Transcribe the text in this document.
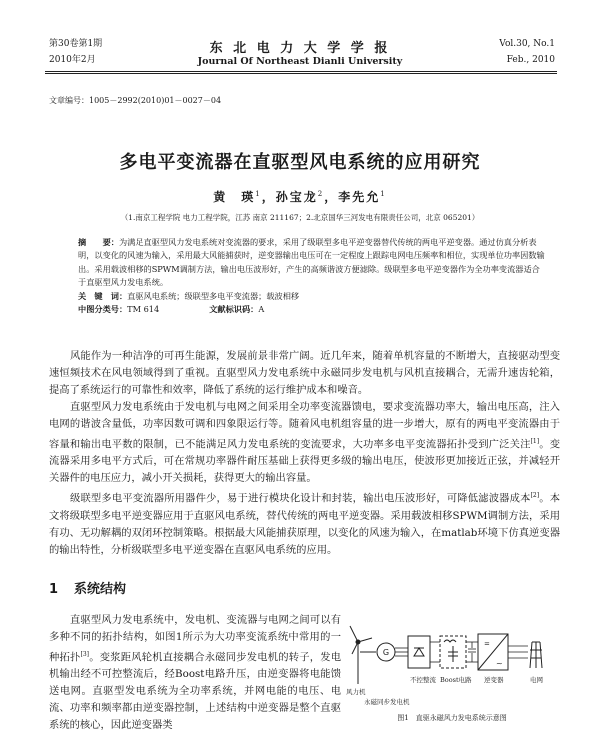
第30卷第1期
2010年2月
东 北 电 力 大 学 学 报
Journal Of Northeast Dianli University
Vol.30, No.1
Feb., 2010
文章编号：1005－2992(2010)01－0027－04
多电平变流器在直驱型风电系统的应用研究
黄　瑛$^1$，孙宝龙$^2$，李先允$^1$
（1.南京工程学院 电力工程学院，江苏 南京 211167；2.北京国华三河发电有限责任公司，北京 065201）

摘　　要：为满足直驱型风力发电系统对变流器的要求，采用了级联型多电平逆变器替代传统的两电平逆变器。通过仿真分析表明，以变化的风速为输入，采用最大风能捕获时，逆变器输出电压可在一定程度上跟踪电网电压频率和相位，实现单位功率因数输出。采用载波相移的SPWM调制方法，输出电压波形好，产生的高频谐波方便滤除。级联型多电平逆变器作为全功率变流器适合于直驱型风力发电系统。

关　键　词：直驱风电系统；级联型多电平变流器；载波相移

中图分类号：TM 614	文献标识码：A

风能作为一种洁净的可再生能源，发展前景非常广阔。近几年来，随着单机容量的不断增大，直接驱动型变速恒频技术在风电领域得到了重视。直驱型风力发电系统中永磁同步发电机与风机直接耦合，无需升速齿轮箱，提高了系统运行的可靠性和效率，降低了系统的运行维护成本和噪音。

直驱型风力发电系统由于发电机与电网之间采用全功率变流器馈电，要求变流器功率大，输出电压高，注入电网的谐波含量低，功率因数可调和四象限运行等。随着风电机组容量的进一步增大，原有的两电平变流器由于容量和输出电平数的限制，已不能满足风力发电系统的变流要求，大功率多电平变流器拓扑受到广泛关注[1]。变流器采用多电平方式后，可在常规功率器件耐压基础上获得更多级的输出电压，使波形更加接近正弦，并减轻开关器件的电压应力，减小开关损耗，获得更大的输出容量。

级联型多电平变流器所用器件少，易于进行模块化设计和封装，输出电压波形好，可降低滤波器成本[2]。本文将级联型多电平逆变器应用于直驱风电系统，替代传统的两电平逆变器。采用载波相移SPWM调制方法，采用有功、无功解耦的双闭环控制策略。根据最大风能捕获原理，以变化的风速为输入，在matlab环境下仿真逆变器的输出特性，分析级联型多电平逆变器在直驱风电系统的应用。

1 系统结构

直驱型风力发电系统中，发电机、变流器与电网之间可以有多种不同的拓扑结构，如图1所示为大功率变流系统中常用的一种拓扑[3]。变浆距风轮机直接耦合永磁同步发电机的转子，发电机输出经不可控整流后，经Boost电路升压，由逆变器将电能馈送电网。直驱型发电系统为全功率系统，并网电能的电压、电流、功率和频率都由逆变器控制，上述结构中逆变器是整个直驱系统的核心，因此逆变器类

G
=
~
风力机
永磁同步发电机
不控整流 Boost电路 逆变器	电网
图1　直驱永磁风力发电系统示意图
